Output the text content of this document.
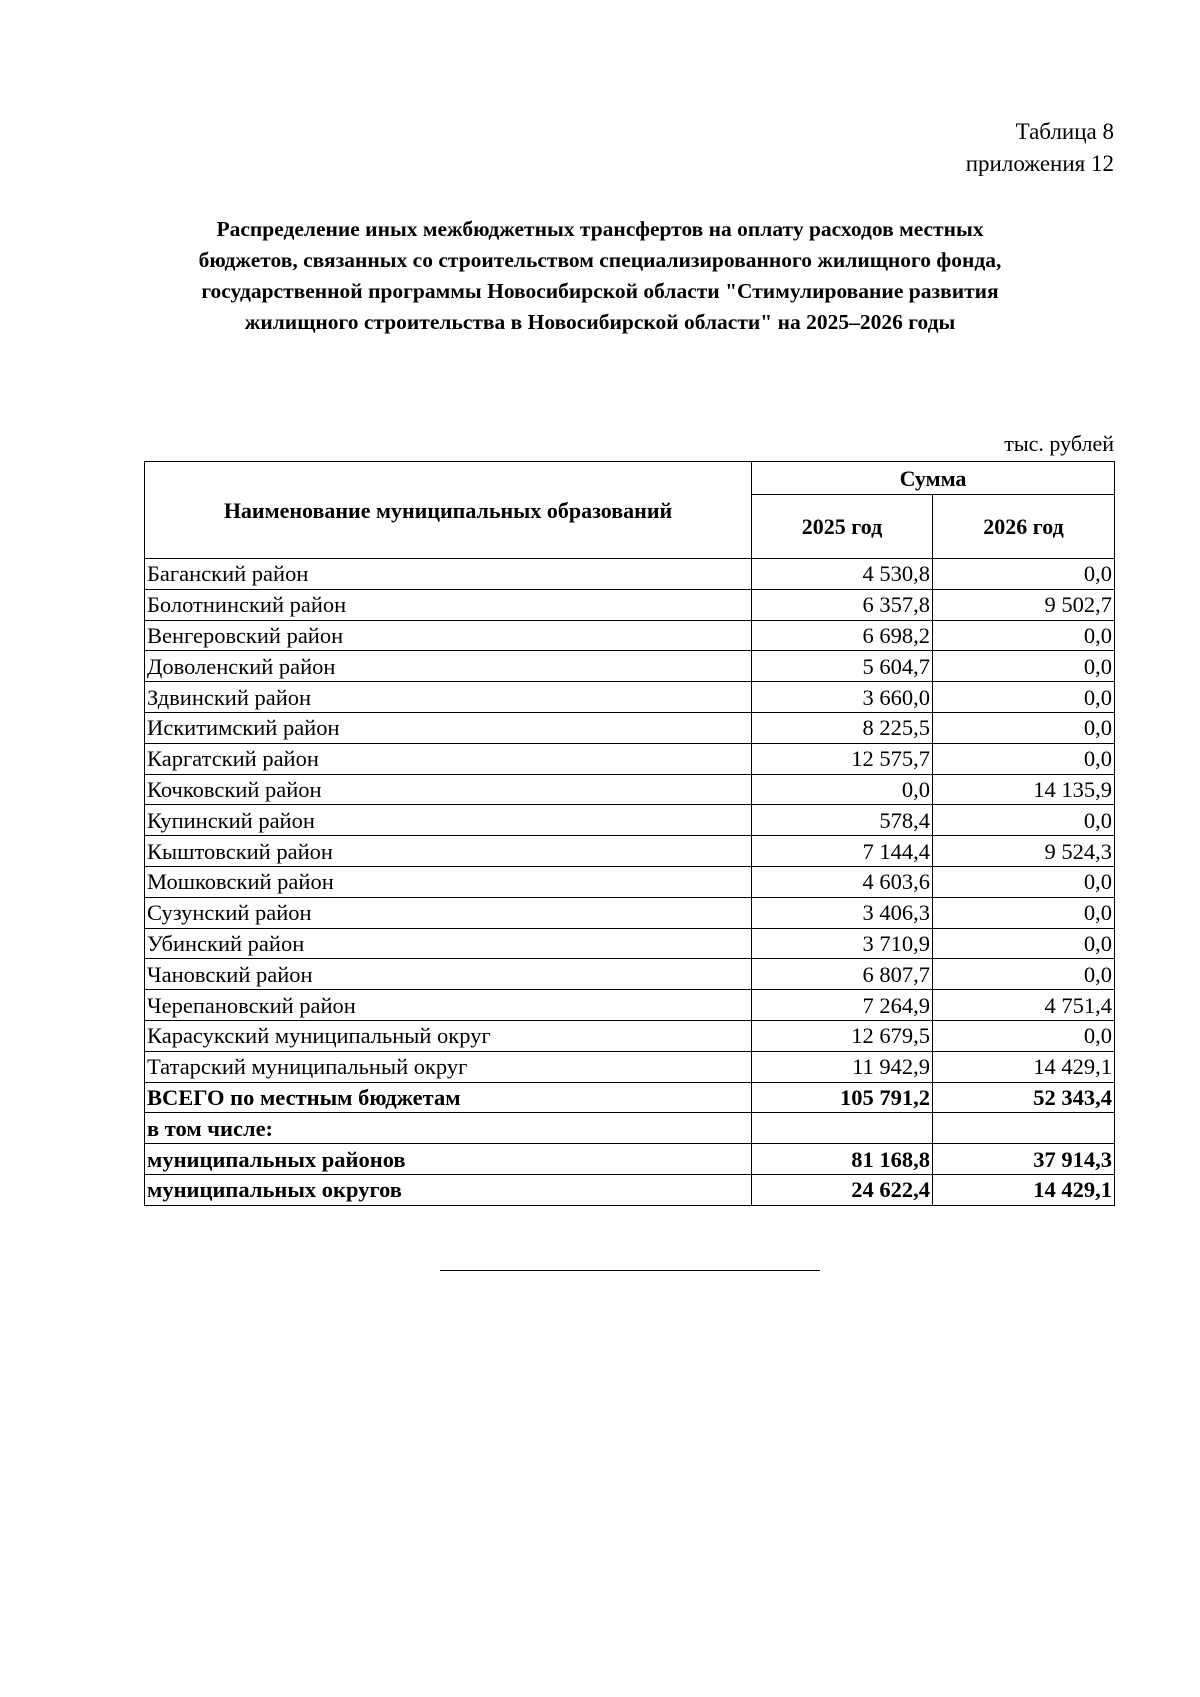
Таблица 8
приложения 12
Распределение иных межбюджетных трансфертов на оплату расходов местных
бюджетов, связанных со строительством специализированного жилищного фонда,
государственной программы Новосибирской области "Стимулирование развития
жилищного строительства в Новосибирской области" на 2025–2026 годы
тыс. рублей
Наименование муниципальных образований	Сумма	
	2025 год	2026 год
Баганский район	4 530,8	0,0
Болотнинский район	6 357,8	9 502,7
Венгеровский район	6 698,2	0,0
Доволенский район	5 604,7	0,0
Здвинский район	3 660,0	0,0
Искитимский район	8 225,5	0,0
Каргатский район	12 575,7	0,0
Кочковский район	0,0	14 135,9
Купинский район	578,4	0,0
Кыштовский район	7 144,4	9 524,3
Мошковский район	4 603,6	0,0
Сузунский район	3 406,3	0,0
Убинский район	3 710,9	0,0
Чановский район	6 807,7	0,0
Черепановский район	7 264,9	4 751,4
Карасукский муниципальный округ	12 679,5	0,0
Татарский муниципальный округ	11 942,9	14 429,1
ВСЕГО по местным бюджетам	105 791,2	52 343,4
в том числе:		
муниципальных районов	81 168,8	37 914,3
муниципальных округов	24 622,4	14 429,1
